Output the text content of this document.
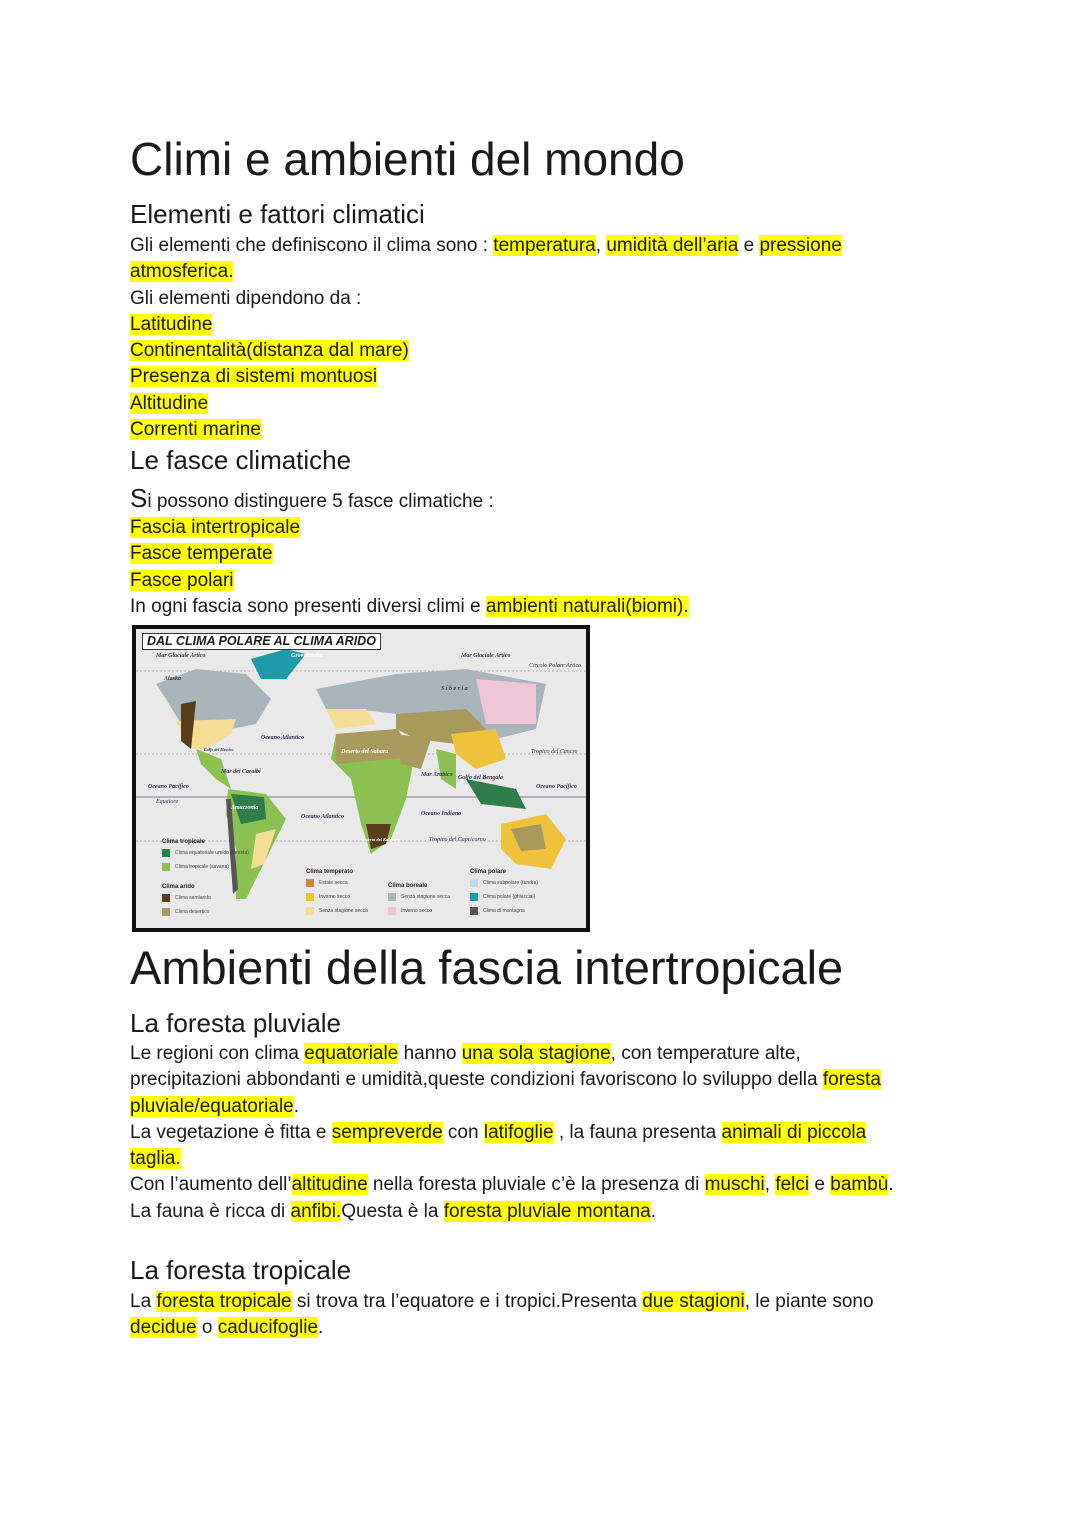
Climi e ambienti del mondo
Elementi e fattori climatici
Gli elementi che definiscono il clima sono : temperatura, umidità dell’aria e pressione
atmosferica.
Gli elementi dipendono da :
Latitudine
Continentalità(distanza dal mare)
Presenza di sistemi montuosi
Altitudine
Correnti marine
Le fasce climatiche
Si possono distinguere 5 fasce climatiche :
Fascia intertropicale
Fasce temperate
Fasce polari
In ogni fascia sono presenti diversi climi e ambienti naturali(biomi).
DAL CLIMA POLARE AL CLIMA ARIDO
Mar Glaciale Artico	Groenlandia	Mar Glaciale Artico
Circolo Polare Artico
Alaska
S i b e r i a
Oceano Atlantico
Golfo del Messico	Deserto del Sahara	Tropico del Cancro
Mar dei Caraibi	Mar Arabico Golfo del Bengala
Oceano Pacifico	Oceano Pacifico
Equatore
Amazzonia
Oceano Atlantico	Oceano Indiano
Tropico del Capricorno
Deserto del Kalahari
Clima tropicale
Clima equatoriale umido (foresta)
Clima tropicale (savana)
Clima arido
Clima semiarido
Clima desertico
Clima temperato
Estate secca
Inverno secco
Senza stagione secca
Clima boreale
Senza stagione secca
Inverno secco
Clima polare
Clima subpolare (tundra)
Clima polare (ghiacciai)
Clima di montagna
Ambienti della fascia intertropicale
La foresta pluviale
Le regioni con clima equatoriale hanno una sola stagione, con temperature alte,
precipitazioni abbondanti e umidità,queste condizioni favoriscono lo sviluppo della foresta
pluviale/equatoriale.
La vegetazione è fitta e sempreverde con latifoglie , la fauna presenta animali di piccola
taglia.
Con l’aumento dell’altitudine nella foresta pluviale c’è la presenza di muschi, felci e bambù.
La fauna è ricca di anfibi.Questa è la foresta pluviale montana.
La foresta tropicale
La foresta tropicale si trova tra l’equatore e i tropici.Presenta due stagioni, le piante sono
decidue o caducifoglie.
